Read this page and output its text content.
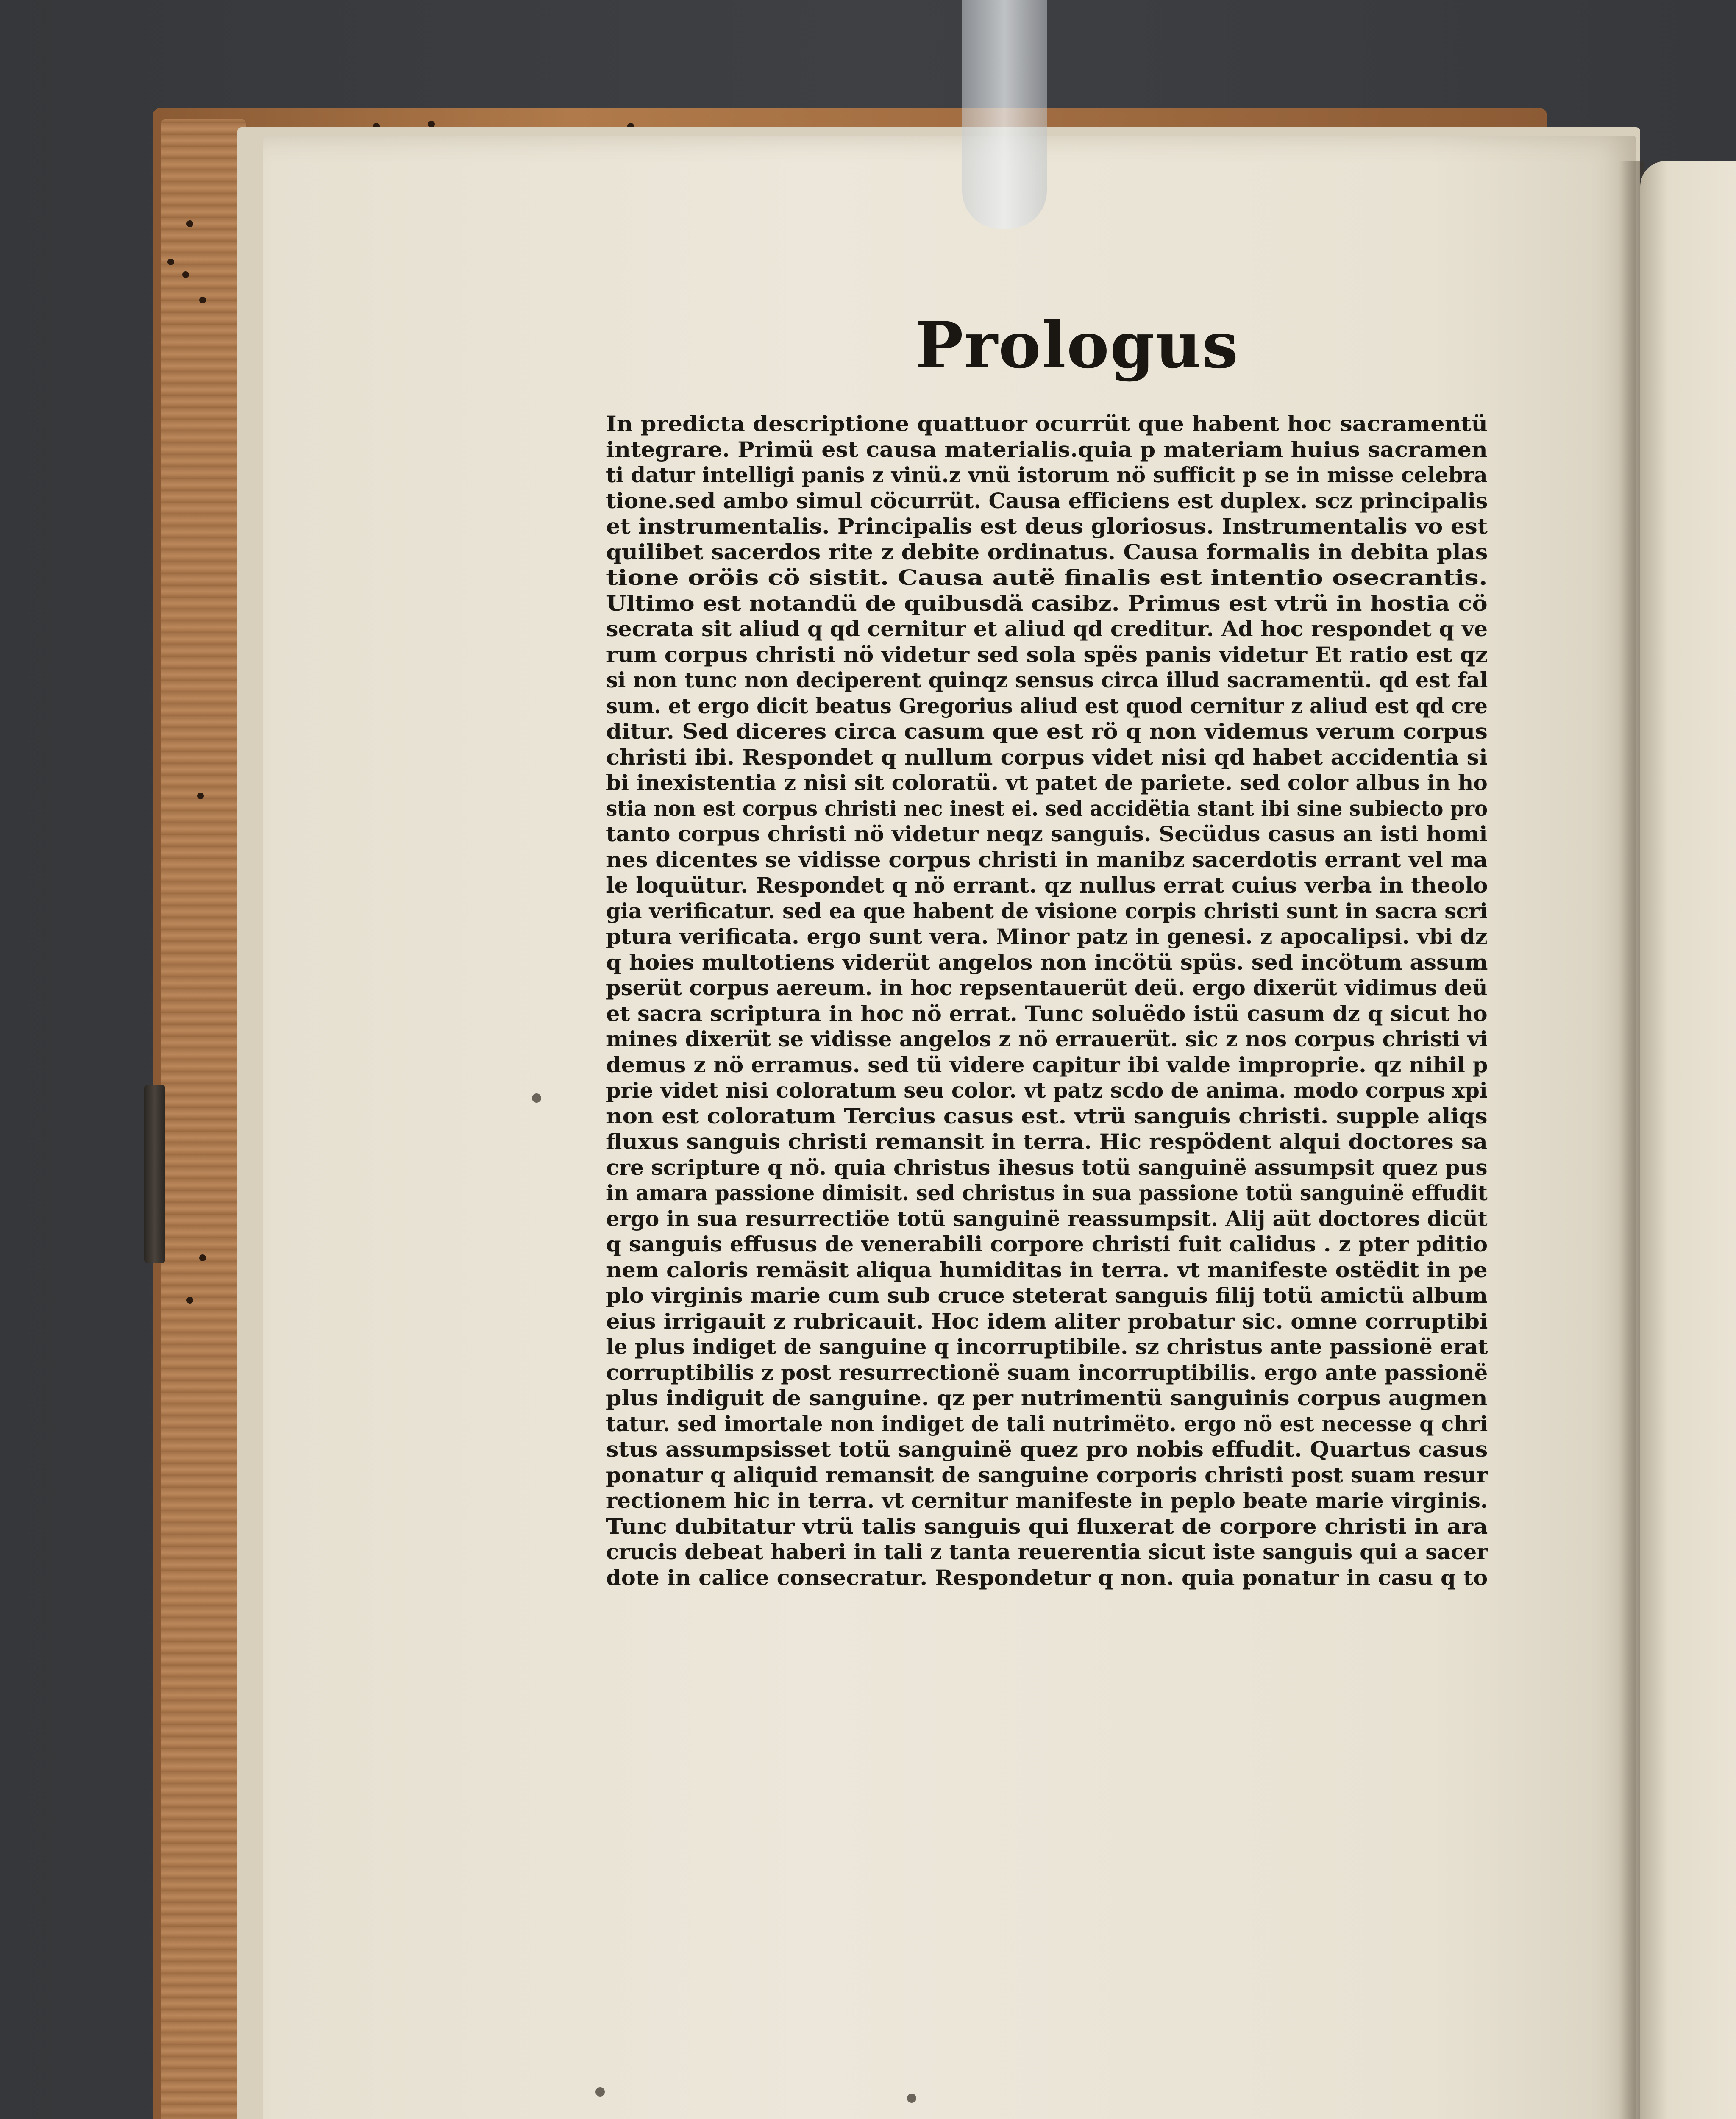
Prologus
In predicta descriptione quattuor ocurrüt que habent hoc sacramentü
integrare. Primü est causa materialis.quia p materiam huius sacramen
ti datur intelligi panis z vinü.z vnü istorum nö sufficit p se in misse celebra
tione.sed ambo simul cöcurrüt. Causa efficiens est duplex. scz principalis
et instrumentalis. Principalis est deus gloriosus. Instrumentalis vo est
quilibet sacerdos rite z debite ordinatus. Causa formalis in debita plas
tione oröis cö sistit. Causa autë finalis est intentio osecrantis.
Ultimo est notandü de quibusdä casibz. Primus est vtrü in hostia cö
secrata sit aliud q qd cernitur et aliud qd creditur. Ad hoc respondet q ve
rum corpus christi nö videtur sed sola spës panis videtur Et ratio est qz
si non tunc non deciperent quinqz sensus circa illud sacramentü. qd est fal
sum. et ergo dicit beatus Gregorius aliud est quod cernitur z aliud est qd cre
ditur. Sed diceres circa casum que est rö q non videmus verum corpus
christi ibi. Respondet q nullum corpus videt nisi qd habet accidentia si
bi inexistentia z nisi sit coloratü. vt patet de pariete. sed color albus in ho
stia non est corpus christi nec inest ei. sed accidëtia stant ibi sine subiecto pro
tanto corpus christi nö videtur neqz sanguis. Secüdus casus an isti homi
nes dicentes se vidisse corpus christi in manibz sacerdotis errant vel ma
le loquütur. Respondet q nö errant. qz nullus errat cuius verba in theolo
gia verificatur. sed ea que habent de visione corpis christi sunt in sacra scri
ptura verificata. ergo sunt vera. Minor patz in genesi. z apocalipsi. vbi dz
q hoies multotiens viderüt angelos non incötü spüs. sed incötum assum
pserüt corpus aereum. in hoc repsentauerüt deü. ergo dixerüt vidimus deü
et sacra scriptura in hoc nö errat. Tunc soluëdo istü casum dz q sicut ho
mines dixerüt se vidisse angelos z nö errauerüt. sic z nos corpus christi vi
demus z nö erramus. sed tü videre capitur ibi valde improprie. qz nihil p
prie videt nisi coloratum seu color. vt patz scdo de anima. modo corpus xpi
non est coloratum Tercius casus est. vtrü sanguis christi. supple aliqs
fluxus sanguis christi remansit in terra. Hic respödent alqui doctores sa
cre scripture q nö. quia christus ihesus totü sanguinë assumpsit quez pus
in amara passione dimisit. sed christus in sua passione totü sanguinë effudit
ergo in sua resurrectiöe totü sanguinë reassumpsit. Alij aüt doctores dicüt
q sanguis effusus de venerabili corpore christi fuit calidus . z pter pditio
nem caloris remäsit aliqua humiditas in terra. vt manifeste ostëdit in pe
plo virginis marie cum sub cruce steterat sanguis filij totü amictü album
eius irrigauit z rubricauit. Hoc idem aliter probatur sic. omne corruptibi
le plus indiget de sanguine q incorruptibile. sz christus ante passionë erat
corruptibilis z post resurrectionë suam incorruptibilis. ergo ante passionë
plus indiguit de sanguine. qz per nutrimentü sanguinis corpus augmen
tatur. sed imortale non indiget de tali nutrimëto. ergo nö est necesse q chri
stus assumpsisset totü sanguinë quez pro nobis effudit. Quartus casus
ponatur q aliquid remansit de sanguine corporis christi post suam resur
rectionem hic in terra. vt cernitur manifeste in peplo beate marie virginis.
Tunc dubitatur vtrü talis sanguis qui fluxerat de corpore christi in ara
crucis debeat haberi in tali z tanta reuerentia sicut iste sanguis qui a sacer
dote in calice consecratur. Respondetur q non. quia ponatur in casu q to
